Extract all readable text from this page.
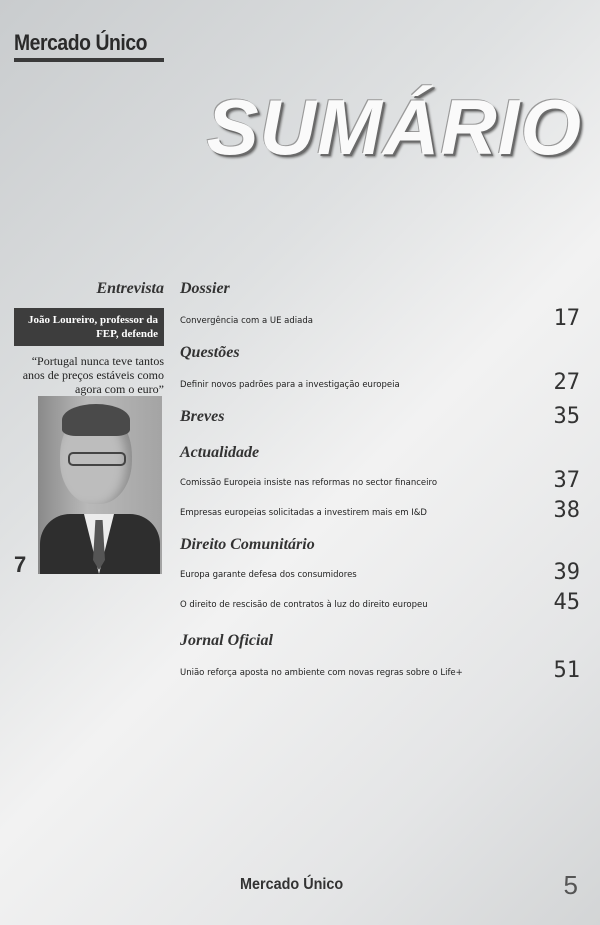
Mercado Único
SUMÁRIO
Entrevista
João Loureiro, professor da FEP, defende
“Portugal nunca teve tantos anos de preços estáveis como agora com o euro”
7
Dossier
Convergência com a UE adiada	17
Questões
Definir novos padrões para a investigação europeia	27
Breves	35
Actualidade
Comissão Europeia insiste nas reformas no sector financeiro	37
Empresas europeias solicitadas a investirem mais em I&D	38
Direito Comunitário
Europa garante defesa dos consumidores	39
O direito de rescisão de contratos à luz do direito europeu	45
Jornal Oficial
União reforça aposta no ambiente com novas regras sobre o Life+	51
Mercado Único	5
